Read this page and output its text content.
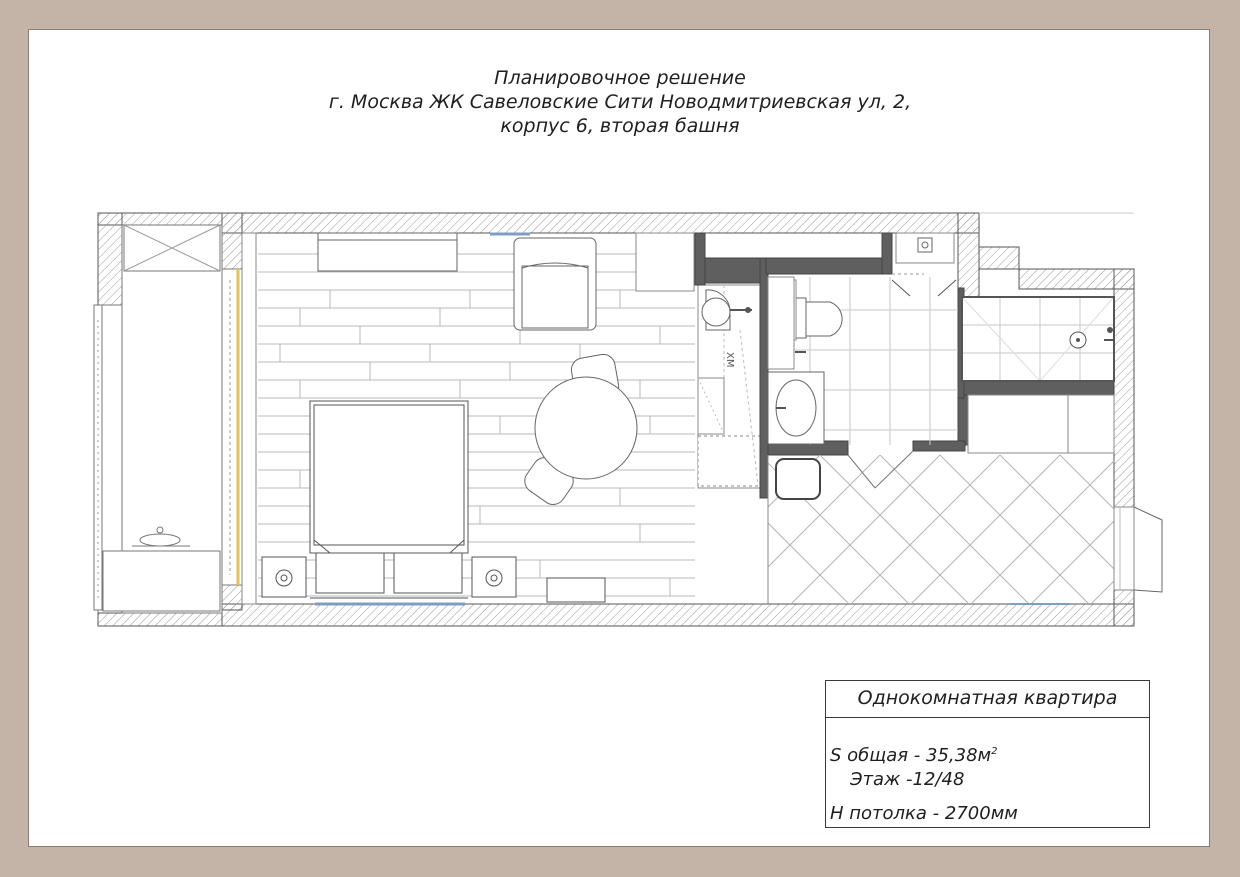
Планировочное решение
г. Москва ЖК Савеловские Сити Новодмитриевская ул, 2,
корпус 6, вторая башня
ХМ
Однокомнатная квартира
S общая - $35,38м^2$
Этаж -12/48
Н потолка - 2700мм
